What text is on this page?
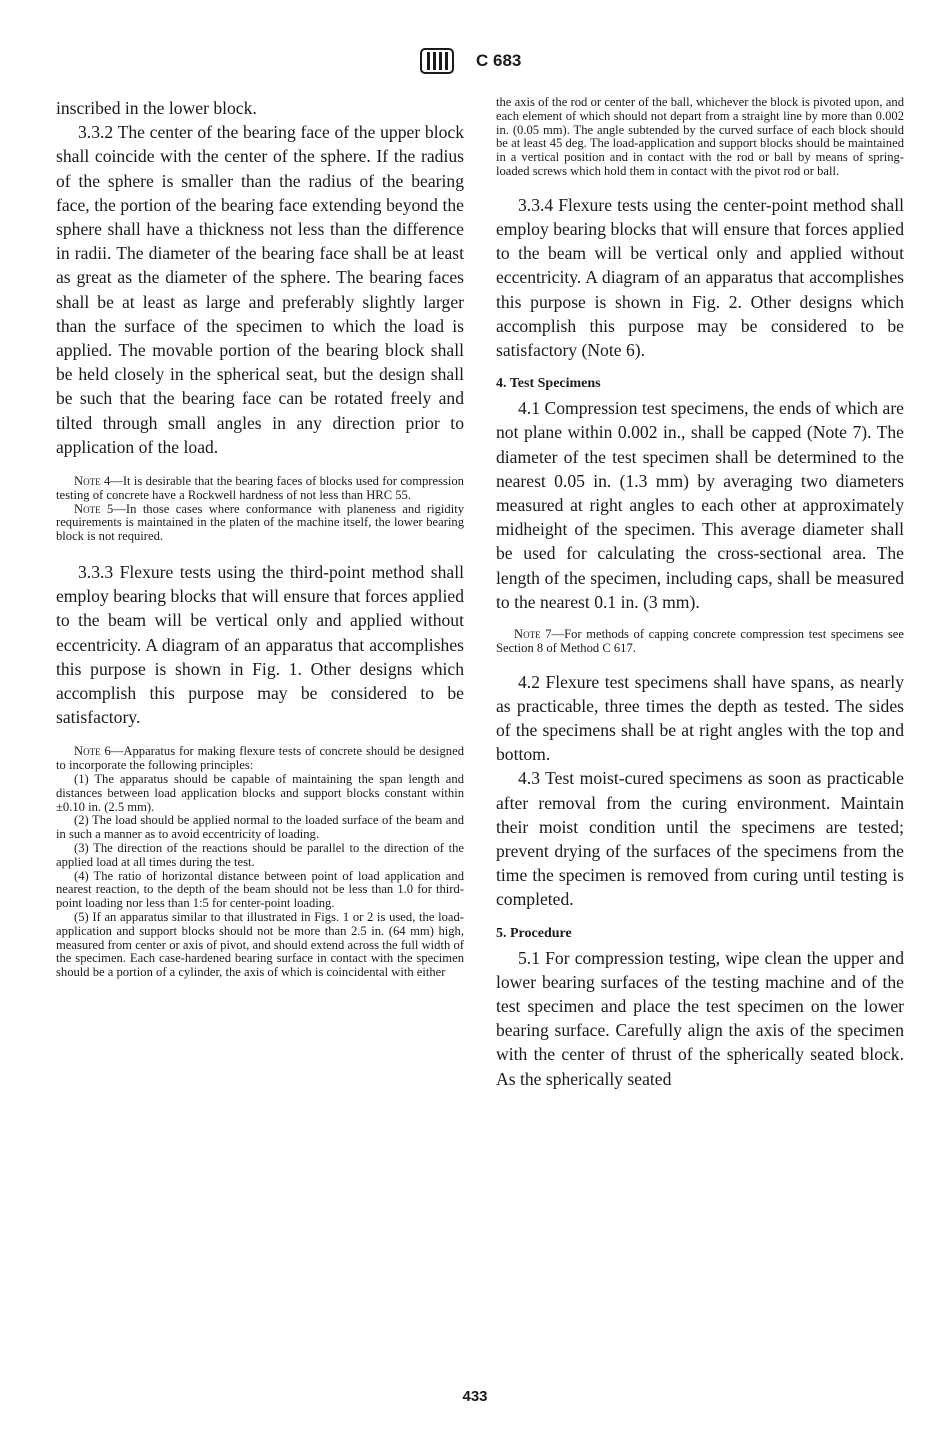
C 683

inscribed in the lower block.

3.3.2 The center of the bearing face of the upper block shall coincide with the center of the sphere. If the radius of the sphere is smaller than the radius of the bearing face, the portion of the bearing face extending beyond the sphere shall have a thickness not less than the difference in radii. The diameter of the bearing face shall be at least as great as the diameter of the sphere. The bearing faces shall be at least as large and preferably slightly larger than the surface of the specimen to which the load is applied. The movable portion of the bearing block shall be held closely in the spherical seat, but the design shall be such that the bearing face can be rotated freely and tilted through small angles in any direction prior to application of the load.

Note 4—It is desirable that the bearing faces of blocks used for compression testing of concrete have a Rockwell hardness of not less than HRC 55.

Note 5—In those cases where conformance with planeness and rigidity requirements is maintained in the platen of the machine itself, the lower bearing block is not required.

3.3.3 Flexure tests using the third-point method shall employ bearing blocks that will ensure that forces applied to the beam will be vertical only and applied without eccentricity. A diagram of an apparatus that accomplishes this purpose is shown in Fig. 1. Other designs which accomplish this purpose may be considered to be satisfactory.

Note 6—Apparatus for making flexure tests of concrete should be designed to incorporate the following principles:

(1) The apparatus should be capable of maintaining the span length and distances between load application blocks and support blocks constant within ±0.10 in. (2.5 mm).

(2) The load should be applied normal to the loaded surface of the beam and in such a manner as to avoid eccentricity of loading.

(3) The direction of the reactions should be parallel to the direction of the applied load at all times during the test.

(4) The ratio of horizontal distance between point of load application and nearest reaction, to the depth of the beam should not be less than 1.0 for third-point loading nor less than 1:5 for center-point loading.

(5) If an apparatus similar to that illustrated in Figs. 1 or 2 is used, the load-application and support blocks should not be more than 2.5 in. (64 mm) high, measured from center or axis of pivot, and should extend across the full width of the specimen. Each case-hardened bearing surface in contact with the specimen should be a portion of a cylinder, the axis of which is coincidental with either

the axis of the rod or center of the ball, whichever the block is pivoted upon, and each element of which should not depart from a straight line by more than 0.002 in. (0.05 mm). The angle subtended by the curved surface of each block should be at least 45 deg. The load-application and support blocks should be maintained in a vertical position and in contact with the rod or ball by means of spring-loaded screws which hold them in contact with the pivot rod or ball.

3.3.4 Flexure tests using the center-point method shall employ bearing blocks that will ensure that forces applied to the beam will be vertical only and applied without eccentricity. A diagram of an apparatus that accomplishes this purpose is shown in Fig. 2. Other designs which accomplish this purpose may be considered to be satisfactory (Note 6).

4. Test Specimens

4.1 Compression test specimens, the ends of which are not plane within 0.002 in., shall be capped (Note 7). The diameter of the test specimen shall be determined to the nearest 0.05 in. (1.3 mm) by averaging two diameters measured at right angles to each other at approximately midheight of the specimen. This average diameter shall be used for calculating the cross-sectional area. The length of the specimen, including caps, shall be measured to the nearest 0.1 in. (3 mm).

Note 7—For methods of capping concrete compression test specimens see Section 8 of Method C 617.

4.2 Flexure test specimens shall have spans, as nearly as practicable, three times the depth as tested. The sides of the specimens shall be at right angles with the top and bottom.

4.3 Test moist-cured specimens as soon as practicable after removal from the curing environment. Maintain their moist condition until the specimens are tested; prevent drying of the surfaces of the specimens from the time the specimen is removed from curing until testing is completed.

5. Procedure

5.1 For compression testing, wipe clean the upper and lower bearing surfaces of the testing machine and of the test specimen and place the test specimen on the lower bearing surface. Carefully align the axis of the specimen with the center of thrust of the spherically seated block. As the spherically seated

433
